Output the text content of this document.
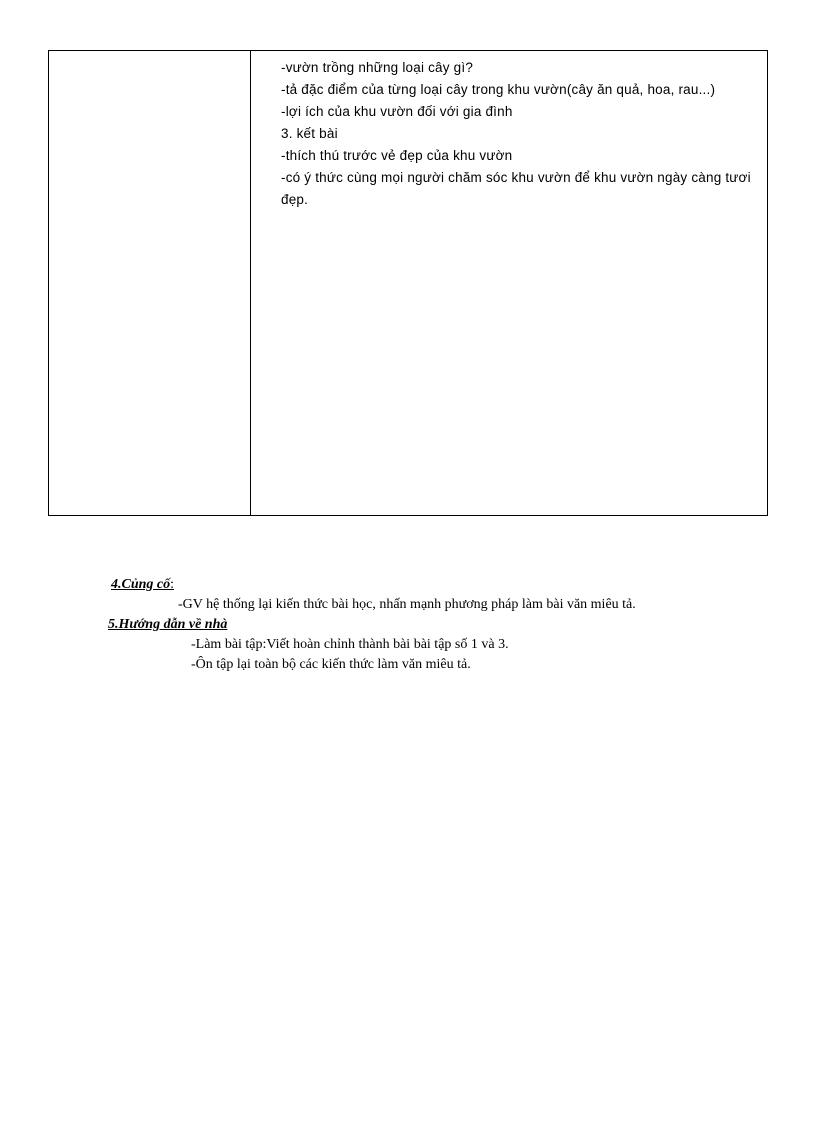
-vườn trồng những loại cây gì?
-tả đặc điểm của từng loại cây trong khu vườn(cây ăn quả, hoa, rau...)
-lợi ích của khu vườn đối với gia đình
3. kết bài
-thích thú trước vẻ đẹp của khu vườn
-có ý thức cùng mọi người chăm sóc khu vườn để khu vườn ngày càng tươi đẹp.
4.Củng cố:
-GV hệ thống lại kiến thức bài học, nhấn mạnh phương pháp làm bài văn miêu tả.
5.Hướng dẫn về nhà
-Làm bài tập:Viết hoàn chỉnh thành bài bài tập số 1 và 3.
-Ôn tập lại toàn bộ các kiến thức làm văn miêu tả.
